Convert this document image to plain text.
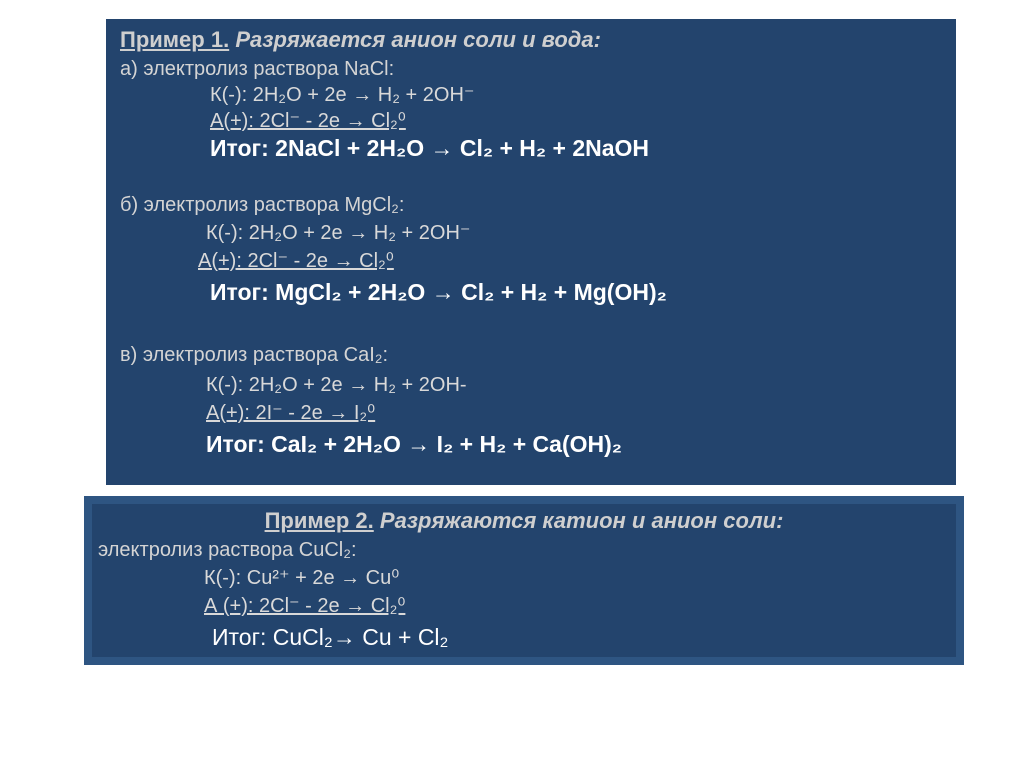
Пример 1. Разряжается анион соли и вода:
а) электролиз раствора NaCl:
К(-): 2H₂O + 2e → H₂ + 2OH⁻
А(+): 2Cl⁻ - 2e → Cl₂⁰
Итог: 2NaCl + 2H₂O → Cl₂ + H₂ + 2NaOH
б) электролиз раствора MgCl₂:
К(-): 2H₂O + 2e → H₂ + 2OH⁻
А(+): 2Cl⁻ - 2e → Cl₂⁰
Итог: MgCl₂ + 2H₂O → Cl₂ + H₂ + Mg(OH)₂
в) электролиз раствора CaI₂:
К(-): 2H₂O + 2e → H₂ + 2OH-
А(+): 2I⁻ - 2e → I₂⁰
Итог: CaI₂ + 2H₂O → I₂ + H₂ + Ca(OH)₂
Пример 2. Разряжаются катион и анион соли:
электролиз раствора CuCl₂:
К(-): Cu²⁺ + 2e → Cu⁰
А (+): 2Cl⁻ - 2e → Cl₂⁰
Итог: CuCl₂→ Cu + Cl₂
